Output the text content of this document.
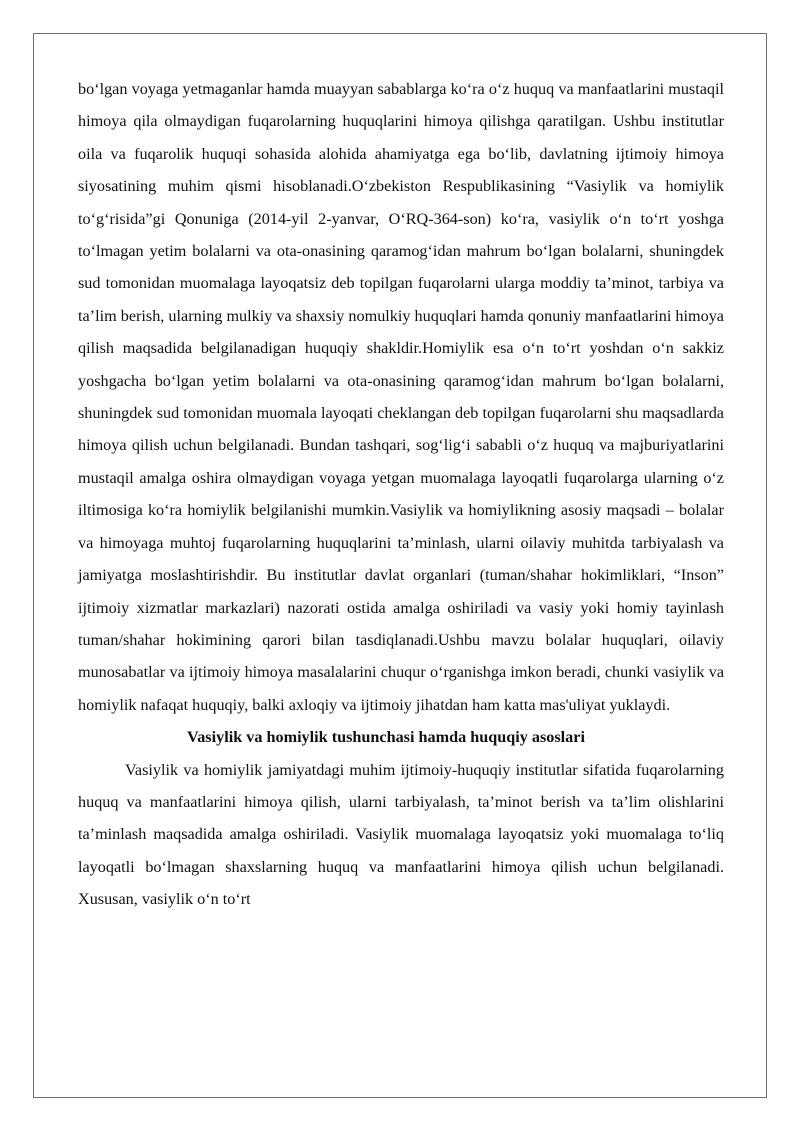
bo‘lgan voyaga yetmaganlar hamda muayyan sabablarga ko‘ra o‘z huquq va manfaatlarini mustaqil himoya qila olmaydigan fuqarolarning huquqlarini himoya qilishga qaratilgan. Ushbu institutlar oila va fuqarolik huquqi sohasida alohida ahamiyatga ega bo‘lib, davlatning ijtimoiy himoya siyosatining muhim qismi hisoblanadi.O‘zbekiston Respublikasining “Vasiylik va homiylik to‘g‘risida”gi Qonuniga (2014-yil 2-yanvar, O‘RQ-364-son) ko‘ra, vasiylik o‘n to‘rt yoshga to‘lmagan yetim bolalarni va ota-onasining qaramog‘idan mahrum bo‘lgan bolalarni, shuningdek sud tomonidan muomalaga layoqatsiz deb topilgan fuqarolarni ularga moddiy ta’minot, tarbiya va ta’lim berish, ularning mulkiy va shaxsiy nomulkiy huquqlari hamda qonuniy manfaatlarini himoya qilish maqsadida belgilanadigan huquqiy shakldir.Homiylik esa o‘n to‘rt yoshdan o‘n sakkiz yoshgacha bo‘lgan yetim bolalarni va ota-onasining qaramog‘idan mahrum bo‘lgan bolalarni, shuningdek sud tomonidan muomala layoqati cheklangan deb topilgan fuqarolarni shu maqsadlarda himoya qilish uchun belgilanadi. Bundan tashqari, sog‘lig‘i sababli o‘z huquq va majburiyatlarini mustaqil amalga oshira olmaydigan voyaga yetgan muomalaga layoqatli fuqarolarga ularning o‘z iltimosiga ko‘ra homiylik belgilanishi mumkin.Vasiylik va homiylikning asosiy maqsadi – bolalar va himoyaga muhtoj fuqarolarning huquqlarini ta’minlash, ularni oilaviy muhitda tarbiyalash va jamiyatga moslashtirishdir. Bu institutlar davlat organlari (tuman/shahar hokimliklari, “Inson” ijtimoiy xizmatlar markazlari) nazorati ostida amalga oshiriladi va vasiy yoki homiy tayinlash tuman/shahar hokimining qarori bilan tasdiqlanadi.Ushbu mavzu bolalar huquqlari, oilaviy munosabatlar va ijtimoiy himoya masalalarini chuqur o‘rganishga imkon beradi, chunki vasiylik va homiylik nafaqat huquqiy, balki axloqiy va ijtimoiy jihatdan ham katta mas'uliyat yuklaydi.

Vasiylik va homiylik tushunchasi hamda huquqiy asoslari

Vasiylik va homiylik jamiyatdagi muhim ijtimoiy-huquqiy institutlar sifatida fuqarolarning huquq va manfaatlarini himoya qilish, ularni tarbiyalash, ta’minot berish va ta’lim olishlarini ta’minlash maqsadida amalga oshiriladi. Vasiylik muomalaga layoqatsiz yoki muomalaga to‘liq layoqatli bo‘lmagan shaxslarning huquq va manfaatlarini himoya qilish uchun belgilanadi. Xususan, vasiylik o‘n to‘rt
